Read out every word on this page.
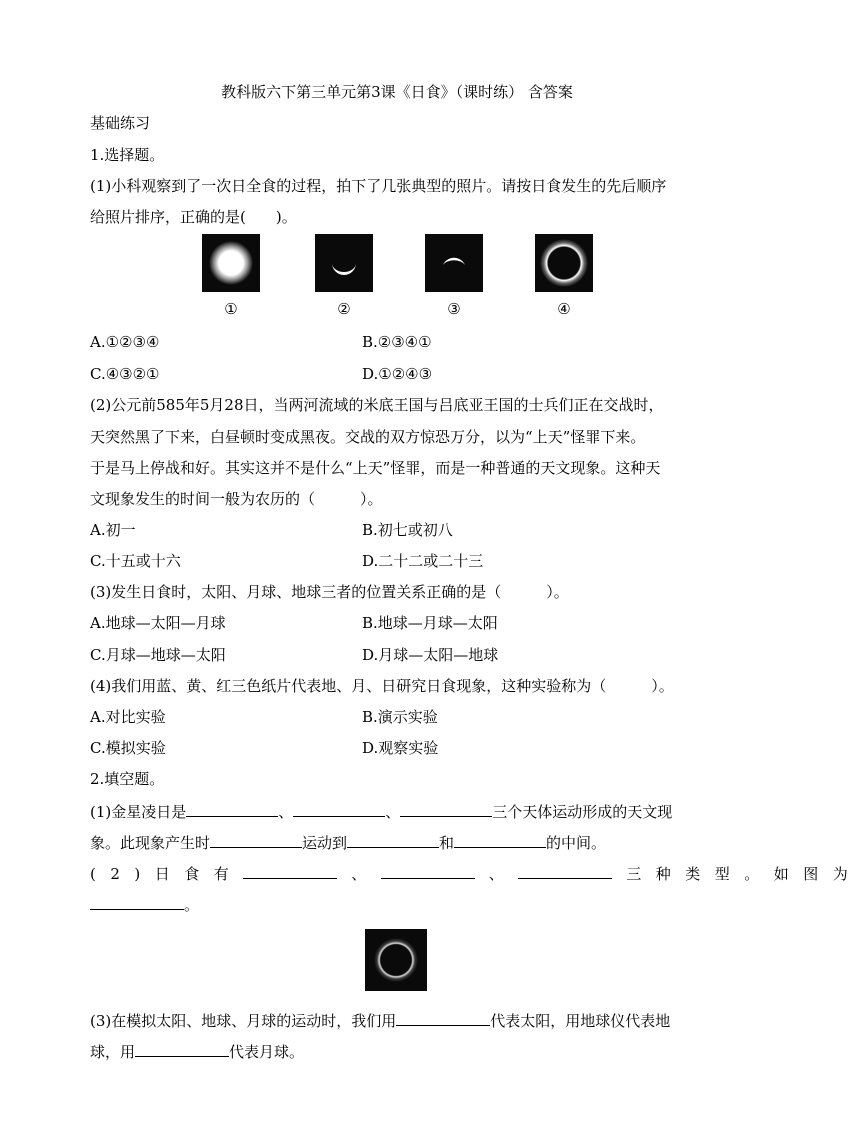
教科版六下第三单元第3课《日食》（课时练） 含答案
基础练习
1.选择题。
(1)小科观察到了一次日全食的过程，拍下了几张典型的照片。请按日食发生的先后顺序
给照片排序，正确的是(　　)。
①	②	③	④
A.①②③④	B.②③④①
C.④③②①	D.①②④③
(2)公元前585年5月28日，当两河流域的米底王国与吕底亚王国的士兵们正在交战时，
天突然黑了下来，白昼顿时变成黑夜。交战的双方惊恐万分，以为“上天”怪罪下来。
于是马上停战和好。其实这并不是什么“上天”怪罪，而是一种普通的天文现象。这种天
文现象发生的时间一般为农历的（　　　）。
A.初一	B.初七或初八
C.十五或十六	D.二十二或二十三
(3)发生日食时，太阳、月球、地球三者的位置关系正确的是（　　　）。
A.地球—太阳—月球	B.地球—月球—太阳
C.月球—地球—太阳	D.月球—太阳—地球
(4)我们用蓝、黄、红三色纸片代表地、月、日研究日食现象，这种实验称为（　　　）。
A.对比实验	B.演示实验
C.模拟实验	D.观察实验
2.填空题。
(1)金星凌日是	、	、	三个天体运动形成的天文现
象。此现象产生时	运动到	和	的中间。
(2)日食有	、	、	三种类型。如图为
。
(3)在模拟太阳、地球、月球的运动时，我们用	代表太阳，用地球仪代表地
球，用	代表月球。
